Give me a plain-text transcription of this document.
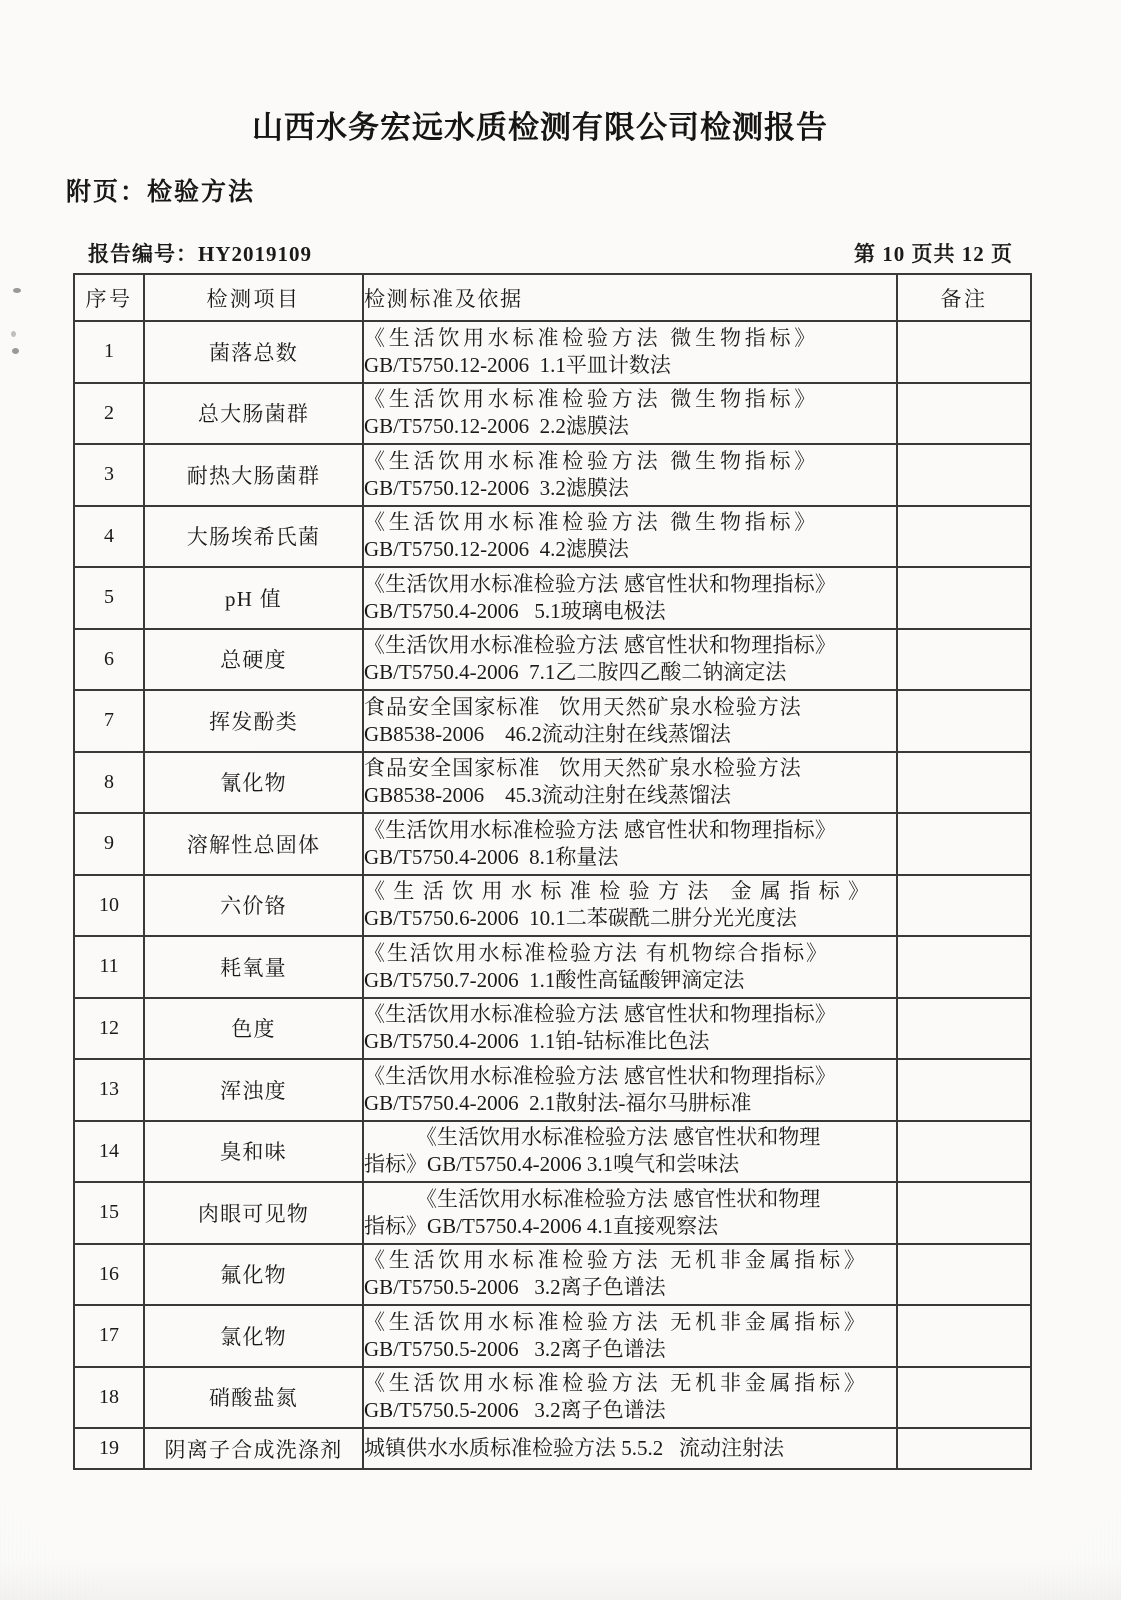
山西水务宏远水质检测有限公司检测报告
附页：检验方法
报告编号：HY2019109	第 10 页共 12 页
序号	检测项目	检测标准及依据	备注
1	菌落总数	《生活饮用水标准检验方法 微生物指标》
GB/T5750.12-2006  1.1平皿计数法	

2	总大肠菌群	《生活饮用水标准检验方法 微生物指标》
GB/T5750.12-2006  2.2滤膜法	

3	耐热大肠菌群	《生活饮用水标准检验方法 微生物指标》
GB/T5750.12-2006  3.2滤膜法	

4	大肠埃希氏菌	《生活饮用水标准检验方法 微生物指标》
GB/T5750.12-2006  4.2滤膜法	

5	pH 值	《生活饮用水标准检验方法 感官性状和物理指标》
GB/T5750.4-2006   5.1玻璃电极法	

6	总硬度	《生活饮用水标准检验方法 感官性状和物理指标》
GB/T5750.4-2006  7.1乙二胺四乙酸二钠滴定法	

7	挥发酚类	食品安全国家标准   饮用天然矿泉水检验方法
GB8538-2006    46.2流动注射在线蒸馏法	

8	氰化物	食品安全国家标准   饮用天然矿泉水检验方法
GB8538-2006    45.3流动注射在线蒸馏法	

9	溶解性总固体	《生活饮用水标准检验方法 感官性状和物理指标》
GB/T5750.4-2006  8.1称量法	

10	六价铬	《生活饮用水标准检验方法 金属指标》
GB/T5750.6-2006  10.1二苯碳酰二肼分光光度法	

11	耗氧量	《生活饮用水标准检验方法 有机物综合指标》
GB/T5750.7-2006  1.1酸性高锰酸钾滴定法	

12	色度	《生活饮用水标准检验方法 感官性状和物理指标》
GB/T5750.4-2006  1.1铂-钴标准比色法	

13	浑浊度	《生活饮用水标准检验方法 感官性状和物理指标》
GB/T5750.4-2006  2.1散射法-福尔马肼标准	

14	臭和味	《生活饮用水标准检验方法 感官性状和物理
指标》GB/T5750.4-2006 3.1嗅气和尝味法	

15	肉眼可见物	《生活饮用水标准检验方法 感官性状和物理
指标》GB/T5750.4-2006 4.1直接观察法	

16	氟化物	《生活饮用水标准检验方法 无机非金属指标》
GB/T5750.5-2006   3.2离子色谱法	

17	氯化物	《生活饮用水标准检验方法 无机非金属指标》
GB/T5750.5-2006   3.2离子色谱法	

18	硝酸盐氮	《生活饮用水标准检验方法 无机非金属指标》
GB/T5750.5-2006   3.2离子色谱法	

19	阴离子合成洗涤剂	城镇供水水质标准检验方法 5.5.2   流动注射法	
